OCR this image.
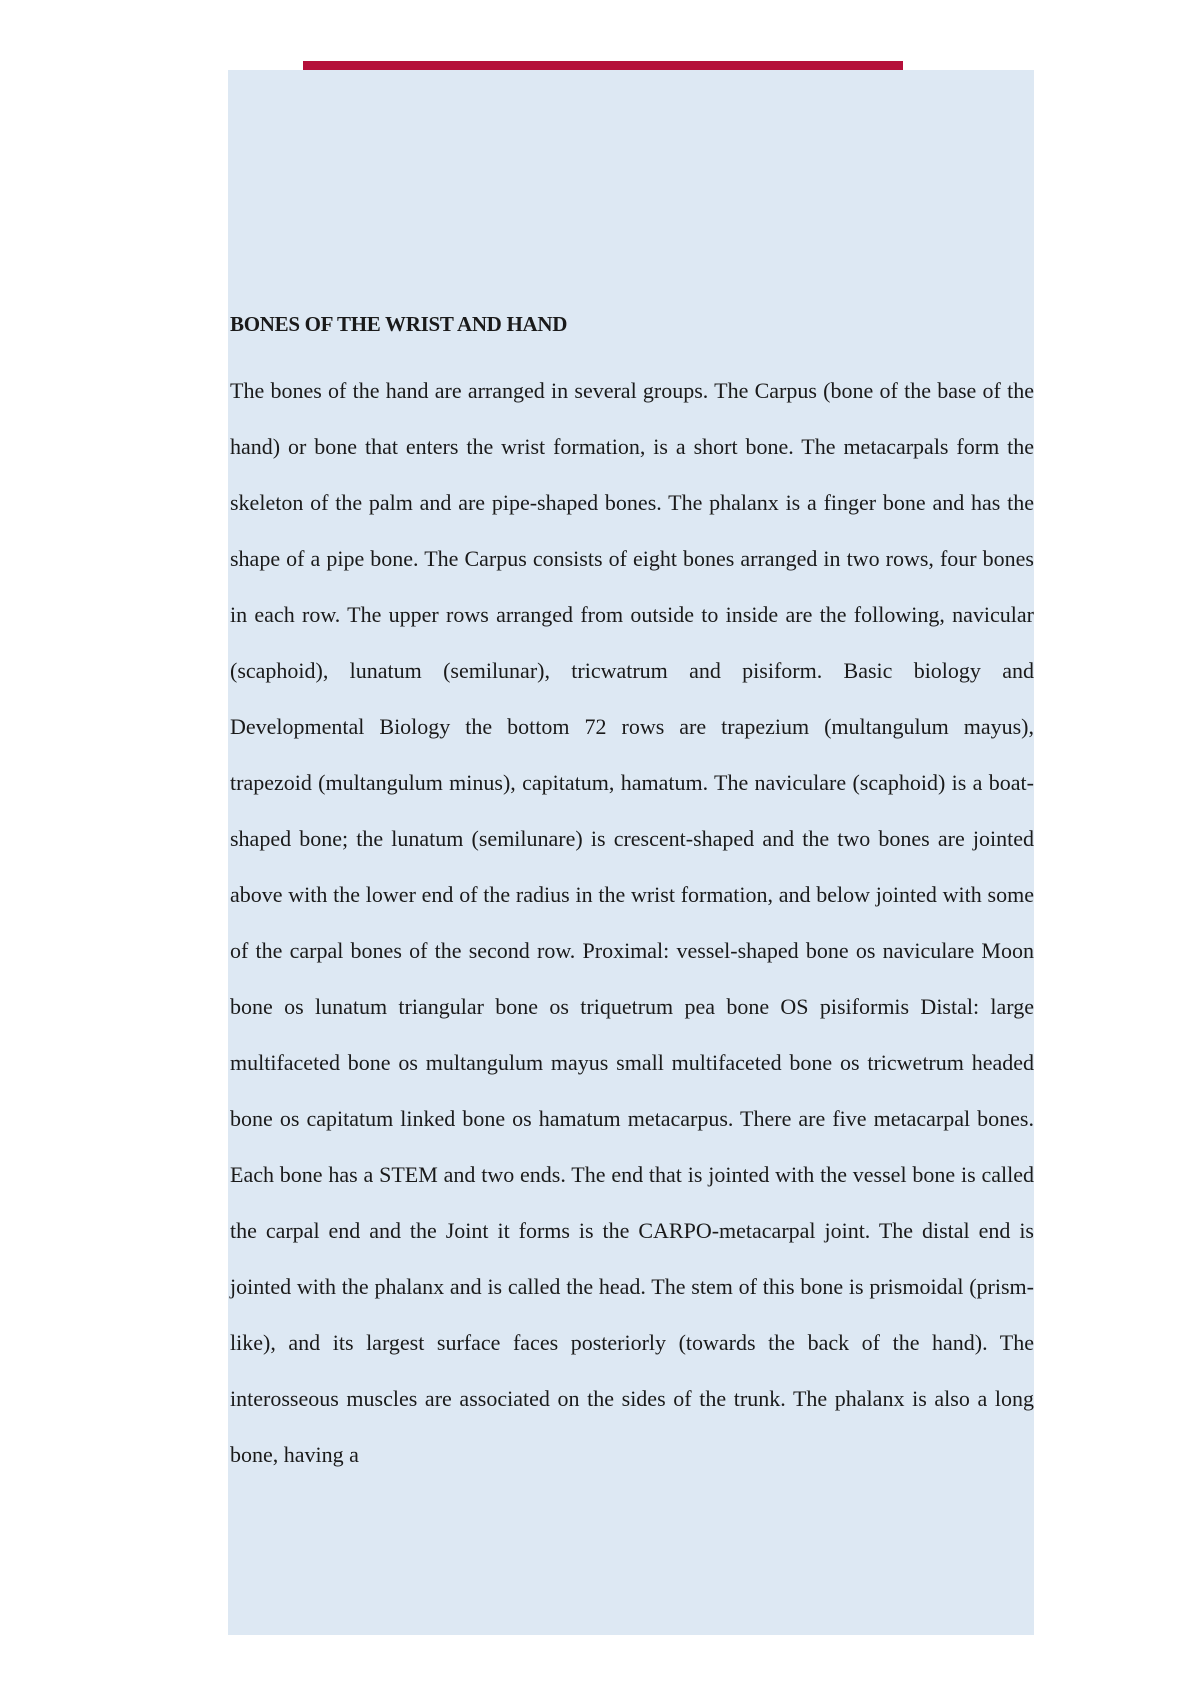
BONES OF THE WRIST AND HAND

The bones of the hand are arranged in several groups. The Carpus (bone of the base of the hand) or bone that enters the wrist formation, is a short bone. The metacarpals form the skeleton of the palm and are pipe-shaped bones. The phalanx is a finger bone and has the shape of a pipe bone. The Carpus consists of eight bones arranged in two rows, four bones in each row. The upper rows arranged from outside to inside are the following, navicular (scaphoid), lunatum (semilunar), tricwatrum and pisiform. Basic biology and Developmental Biology the bottom 72 rows are trapezium (multangulum mayus), trapezoid (multangulum minus), capitatum, hamatum. The naviculare (scaphoid) is a boat-shaped bone; the lunatum (semilunare) is crescent-shaped and the two bones are jointed above with the lower end of the radius in the wrist formation, and below jointed with some of the carpal bones of the second row. Proximal: vessel-shaped bone os naviculare Moon bone os lunatum triangular bone os triquetrum pea bone OS pisiformis Distal: large multifaceted bone os multangulum mayus small multifaceted bone os tricwetrum headed bone os capitatum linked bone os hamatum metacarpus. There are five metacarpal bones. Each bone has a STEM and two ends. The end that is jointed with the vessel bone is called the carpal end and the Joint it forms is the CARPO-metacarpal joint. The distal end is jointed with the phalanx and is called the head. The stem of this bone is prismoidal (prism-like), and its largest surface faces posteriorly (towards the back of the hand). The interosseous muscles are associated on the sides of the trunk. The phalanx is also a long bone, having a
